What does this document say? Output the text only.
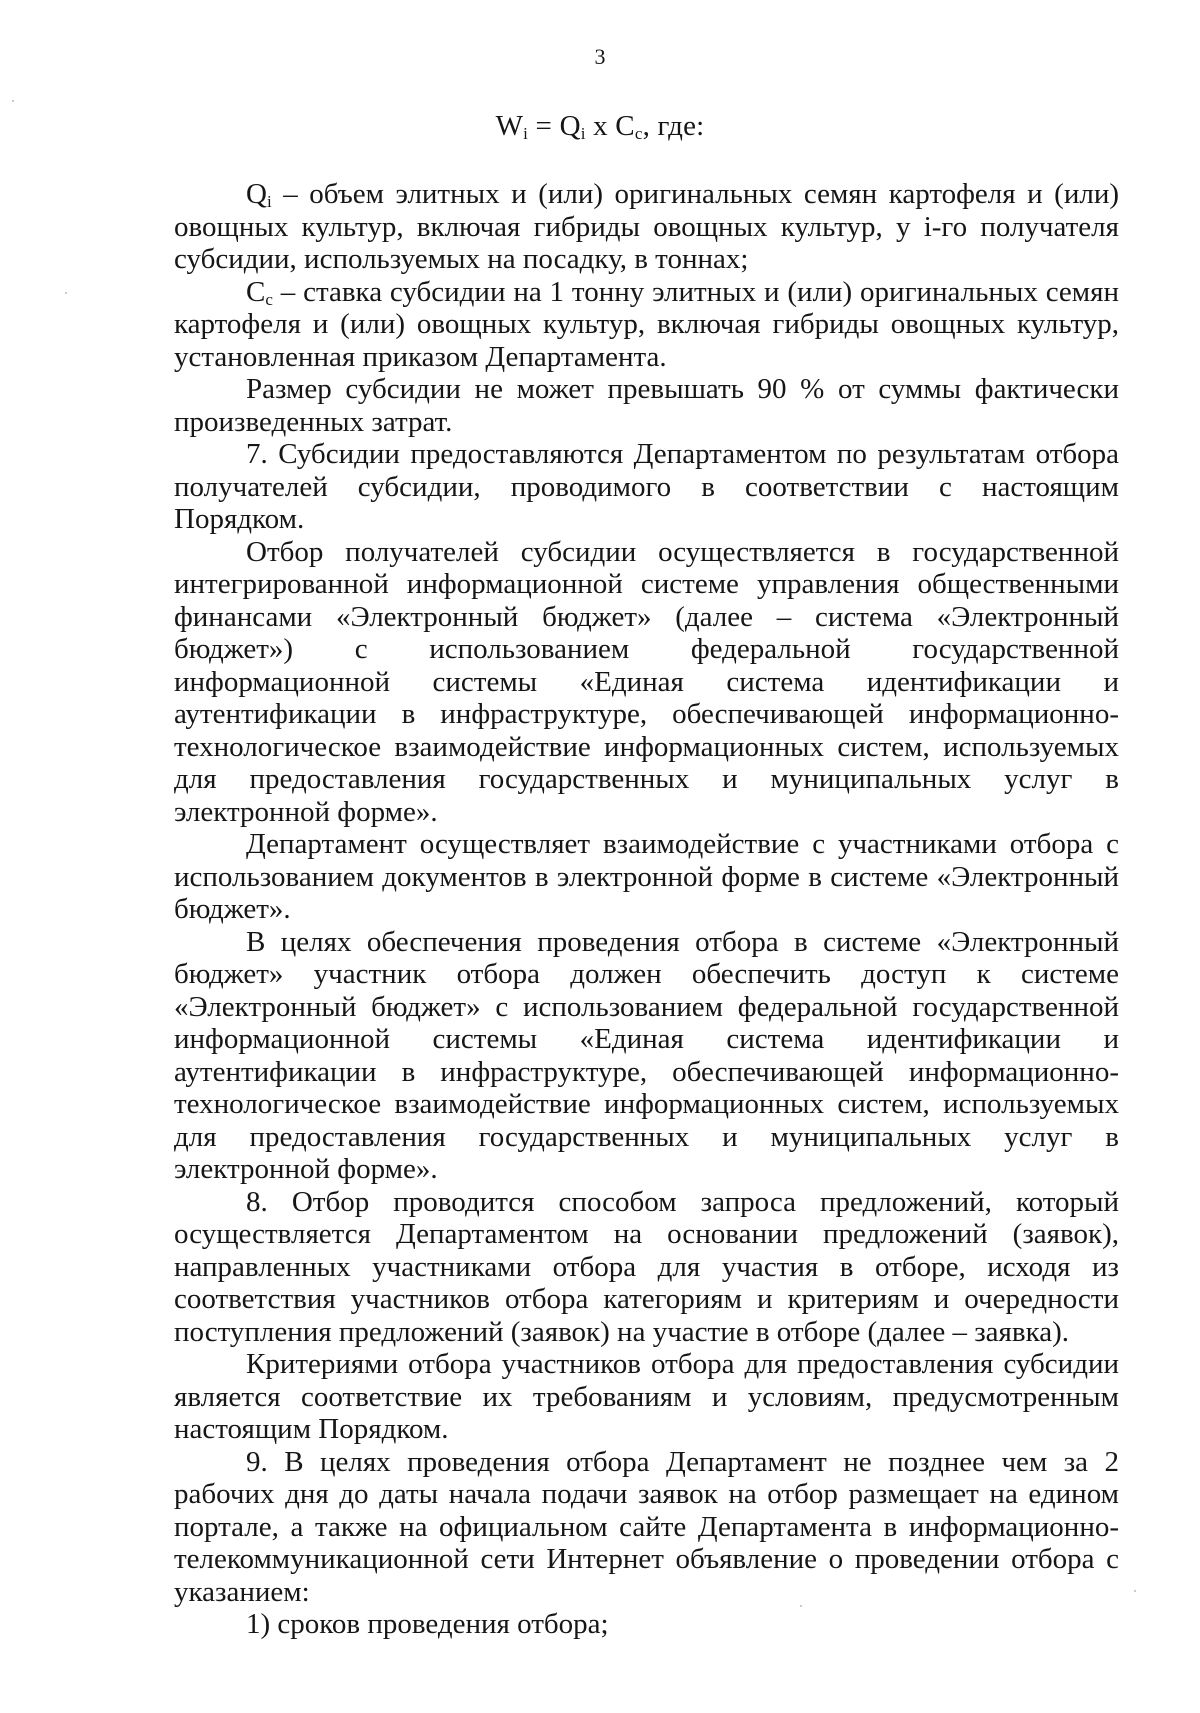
3
$W_i = Q_i$ x $C_c$, где:

$Q_i$ – объем элитных и (или) оригинальных семян картофеля и (или) овощных культур, включая гибриды овощных культур, у i-го получателя субсидии, используемых на посадку, в тоннах;

$C_c$ – ставка субсидии на 1 тонну элитных и (или) оригинальных семян картофеля и (или) овощных культур, включая гибриды овощных культур, установленная приказом Департамента.

Размер субсидии не может превышать 90 % от суммы фактически произведенных затрат.

7. Субсидии предоставляются Департаментом по результатам отбора получателей субсидии, проводимого в соответствии с настоящим Порядком.

Отбор получателей субсидии осуществляется в государственной интегрированной информационной системе управления общественными финансами «Электронный бюджет» (далее – система «Электронный бюджет») с использованием федеральной государственной информационной системы «Единая система идентификации и аутентификации в инфраструктуре, обеспечивающей информационно-технологическое взаимодействие информационных систем, используемых для предоставления государственных и муниципальных услуг в электронной форме».

Департамент осуществляет взаимодействие с участниками отбора с использованием документов в электронной форме в системе «Электронный бюджет».

В целях обеспечения проведения отбора в системе «Электронный бюджет» участник отбора должен обеспечить доступ к системе «Электронный бюджет» с использованием федеральной государственной информационной системы «Единая система идентификации и аутентификации в инфраструктуре, обеспечивающей информационно-технологическое взаимодействие информационных систем, используемых для предоставления государственных и муниципальных услуг в электронной форме».

8. Отбор проводится способом запроса предложений, который осуществляется Департаментом на основании предложений (заявок), направленных участниками отбора для участия в отборе, исходя из соответствия участников отбора категориям и критериям и очередности поступления предложений (заявок) на участие в отборе (далее – заявка).

Критериями отбора участников отбора для предоставления субсидии является соответствие их требованиям и условиям, предусмотренным настоящим Порядком.

9. В целях проведения отбора Департамент не позднее чем за 2 рабочих дня до даты начала подачи заявок на отбор размещает на едином портале, а также на официальном сайте Департамента в информационно-телекоммуникационной сети Интернет объявление о проведении отбора с указанием:

1) сроков проведения отбора;
